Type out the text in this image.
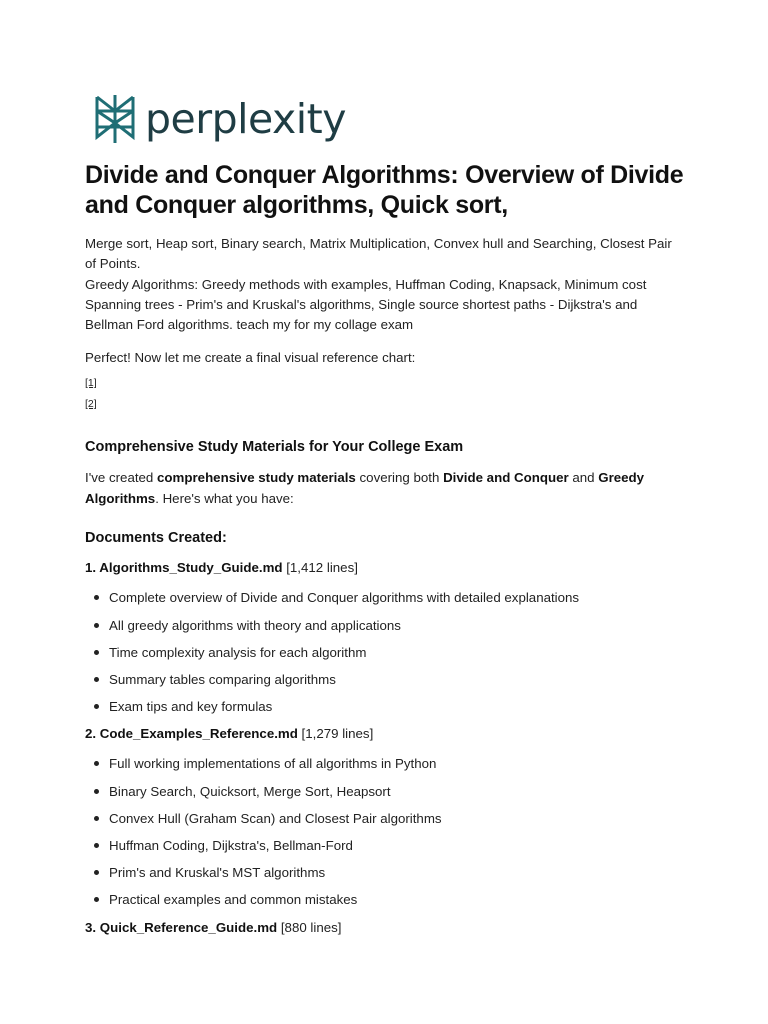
perplexity
Divide and Conquer Algorithms: Overview of Divide and Conquer algorithms, Quick sort,
Merge sort, Heap sort, Binary search, Matrix Multiplication, Convex hull and Searching, Closest Pair of Points.
Greedy Algorithms: Greedy methods with examples, Huffman Coding, Knapsack, Minimum cost Spanning trees - Prim's and Kruskal's algorithms, Single source shortest paths - Dijkstra's and Bellman Ford algorithms. teach my for my collage exam
Perfect! Now let me create a final visual reference chart:
[1]
[2]
Comprehensive Study Materials for Your College Exam
I've created comprehensive study materials covering both Divide and Conquer and Greedy Algorithms. Here's what you have:
Documents Created:
1. Algorithms_Study_Guide.md [1,412 lines]
Complete overview of Divide and Conquer algorithms with detailed explanations
All greedy algorithms with theory and applications
Time complexity analysis for each algorithm
Summary tables comparing algorithms
Exam tips and key formulas
2. Code_Examples_Reference.md [1,279 lines]
Full working implementations of all algorithms in Python
Binary Search, Quicksort, Merge Sort, Heapsort
Convex Hull (Graham Scan) and Closest Pair algorithms
Huffman Coding, Dijkstra's, Bellman-Ford
Prim's and Kruskal's MST algorithms
Practical examples and common mistakes
3. Quick_Reference_Guide.md [880 lines]
